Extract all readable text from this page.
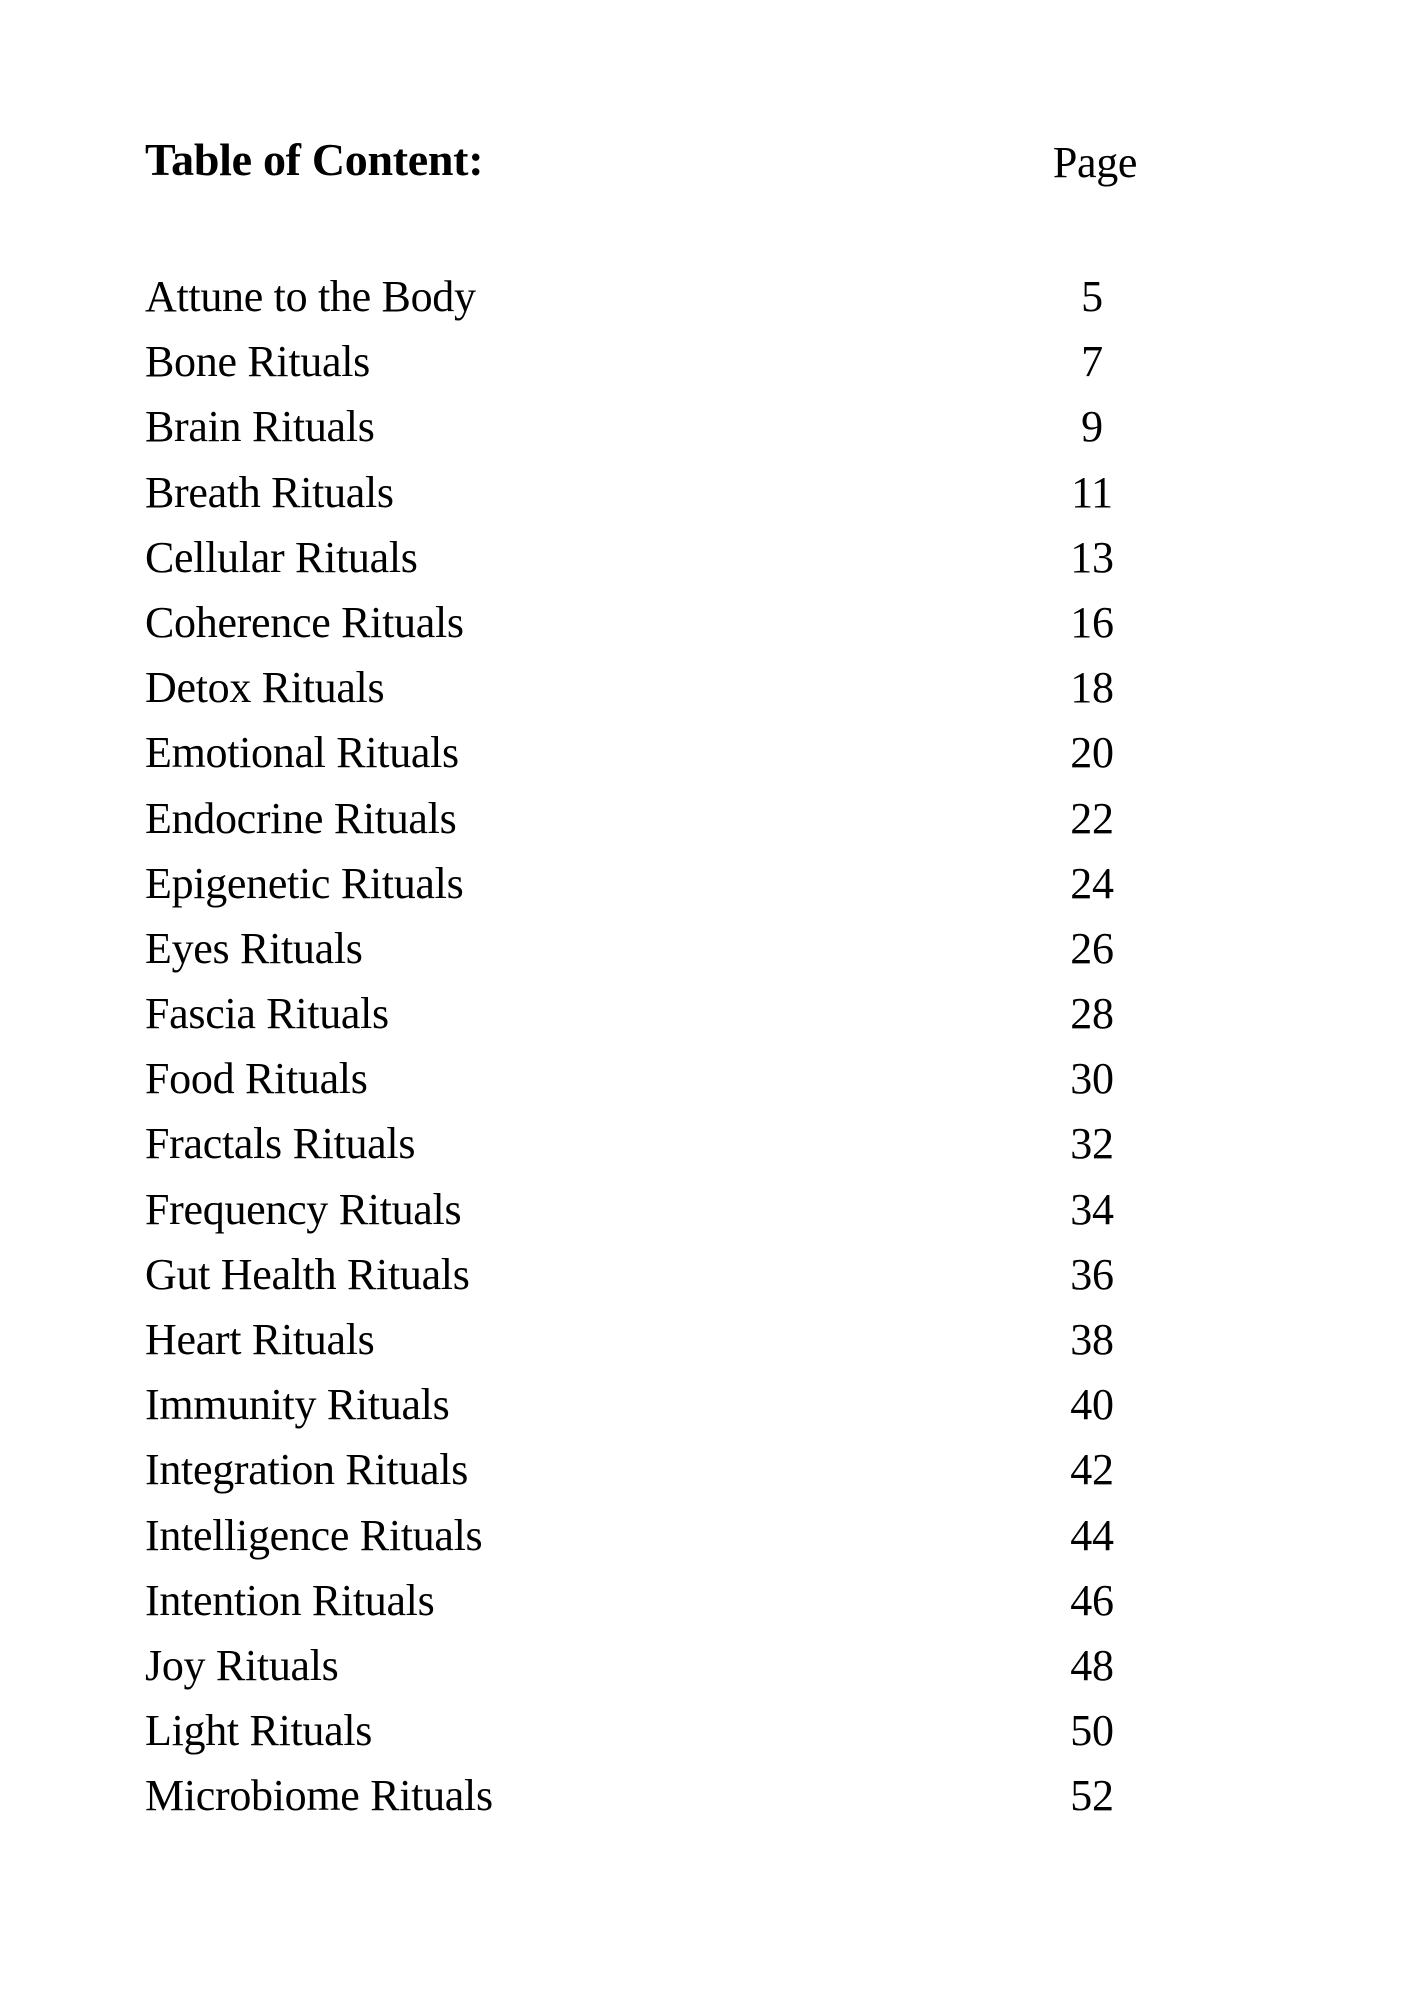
Table of Content:	Page
Attune to the Body	5
Bone Rituals	7
Brain Rituals	9
Breath Rituals	11
Cellular Rituals	13
Coherence Rituals	16
Detox Rituals	18
Emotional Rituals	20
Endocrine Rituals	22
Epigenetic Rituals	24
Eyes Rituals	26
Fascia Rituals	28
Food Rituals	30
Fractals Rituals	32
Frequency Rituals	34
Gut Health Rituals	36
Heart Rituals	38
Immunity Rituals	40
Integration Rituals	42
Intelligence Rituals	44
Intention Rituals	46
Joy Rituals	48
Light Rituals	50
Microbiome Rituals	52
